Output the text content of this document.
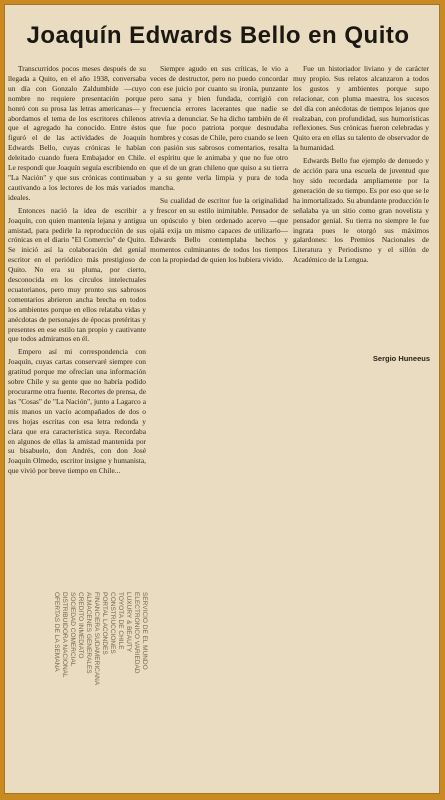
Joaquín Edwards Bello en Quito

Transcurridos pocos meses después de su llegada a Quito, en el año 1938, conversaba un día con Gonzalo Zaldumbide —cuyo nombre no requiere presentación porque honró con su prosa las letras americanas— y abordamos el tema de los escritores chilenos que el agregado ha conocido. Entre éstos figuró el de las actividades de Joaquín Edwards Bello, cuyas crónicas le habían deleitado cuando fuera Embajador en Chile. Le respondí que Joaquín seguía escribiendo en "La Nación" y que sus crónicas continuaban cautivando a los lectores de los más variados ideales.

Entonces nació la idea de escribir a Joaquín, con quien mantenía lejana y antigua amistad, para pedirle la reproducción de sus crónicas en el diario "El Comercio" de Quito. Se inició así la colaboración del genial escritor en el periódico más prestigioso de Quito. No era su pluma, por cierto, desconocida en los círculos intelectuales ecuatorianos, pero muy pronto sus sabrosos comentarios abrieron ancha brecha en todos los ambientes porque en ellos relataba vidas y anécdotas de personajes de épocas pretéritas y presentes en ese estilo tan propio y cautivante que todos admiramos en él.

Empero así mi correspondencia con Joaquín, cuyas cartas conservaré siempre con gratitud porque me ofrecían una información sobre Chile y su gente que no habría podido procurarme otra fuente. Recortes de prensa, de las "Cosas" de "La Nación", junto a Lagarco a mis manos un vacío acompañados de dos o tres hojas escritas con esa letra redonda y clara que era característica suya. Recordaba en algunos de ellas la amistad mantenida por su bisabuelo, don Andrés, con don José Joaquín Olmedo, escritor insigne y humanista, que vivió por breve tiempo en Chile...

Siempre agudo en sus críticas, le vio a veces de destructor, pero no puedo concordar con ese juicio por cuanto su ironía, punzante pero sana y bien fundada, corrigió con frecuencia errores lacerantes que nadie se atrevía a denunciar. Se ha dicho también de él que fue poco patriota porque desnudaba hombres y cosas de Chile, pero cuando se leen con pasión sus sabrosos comentarios, resalta el espíritu que le animaba y que no fue otro que el de un gran chileno que quiso a su tierra y a su gente verla limpia y pura de toda mancha.

Su cualidad de escritor fue la originalidad y frescor en su estilo inimitable. Pensador de un opúsculo y bien ordenado acervo —que ojalá exija un mismo capaces de utilizarlo— Edwards Bello contemplaba hechos y momentos culminantes de todos los tiempos con la propiedad de quien los hubiera vivido.

Fue un historiador liviano y de carácter muy propio. Sus relatos alcanzaron a todos los gustos y ambientes porque supo relacionar, con pluma maestra, los sucesos del día con anécdotas de tiempos lejanos que realzaban, con profundidad, sus humorísticas reflexiones. Sus crónicas fueron celebradas y Quito era en ellas su talento de observador de la humanidad.

Edwards Bello fue ejemplo de denuedo y de acción para una escuela de juventud que hoy sido recordada ampliamente por la generación de su tiempo. Es por eso que se le ha inmortalizado. Su abundante producción le señalaba ya un sitio como gran novelista y pensador genial. Su tierra no siempre le fue ingrata pues le otorgó sus máximos galardones: los Premios Nacionales de Literatura y Periodismo y el sillón de Académico de la Lengua.

Sergio Huneeus
SERVICIO DE EL MUNDO
ELECTRONICO VARIEDAD
LUXURY & BEAUTY
TOYOTA DE CHILE
CONSTRUCCIONES
PORTAL LACONDES
FINANCIERA SUDAMERICANA
ALMACENES GENERALES
CREDITO INMEDIATO
SOCIEDAD COMERCIAL
DISTRIBUIDORA NACIONAL
OFERTAS DE LA SEMANA
